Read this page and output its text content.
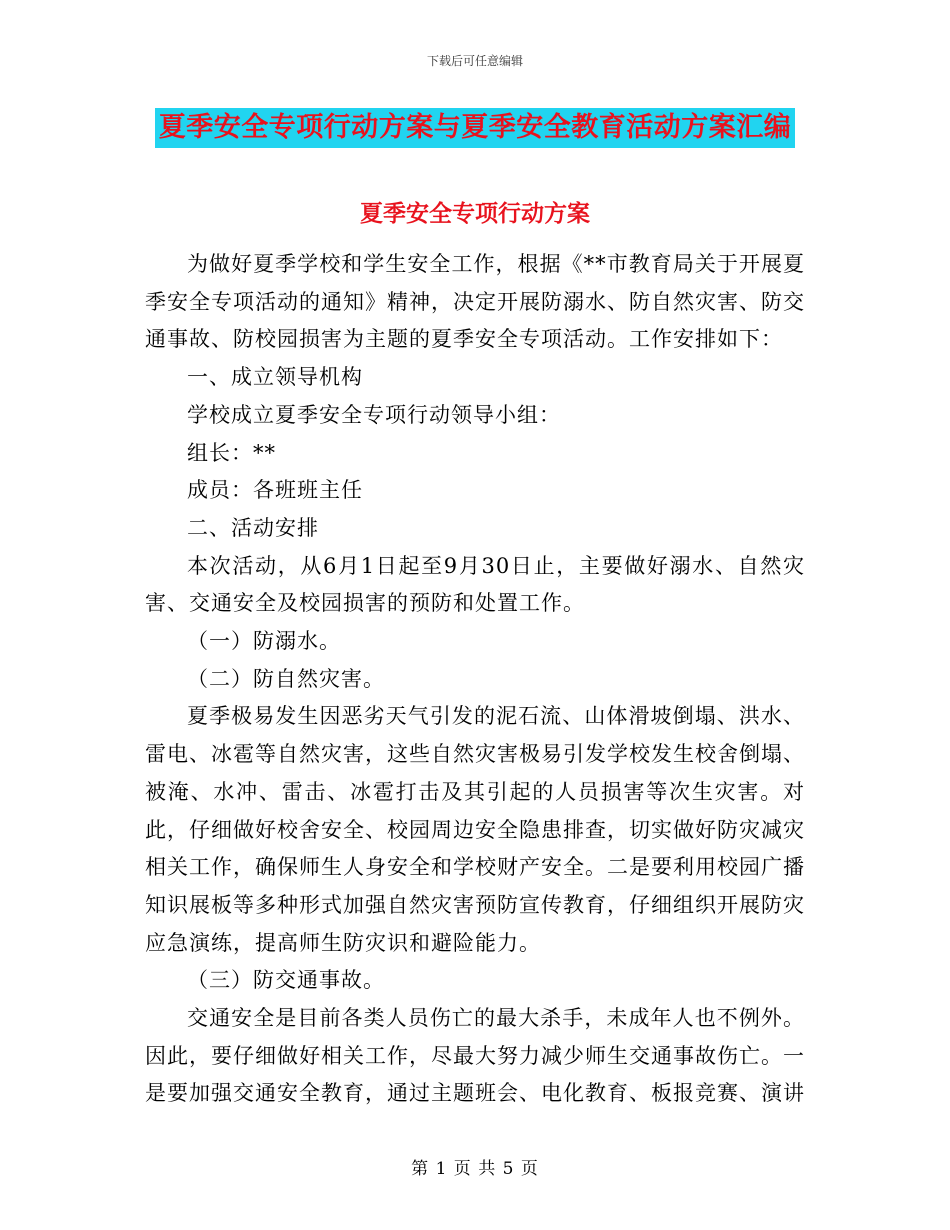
下载后可任意编辑
夏季安全专项行动方案与夏季安全教育活动方案汇编
夏季安全专项行动方案

为做好夏季学校和学生安全工作，根据《**市教育局关于开展夏季安全专项活动的通知》精神，决定开展防溺水、防自然灾害、防交通事故、防校园损害为主题的夏季安全专项活动。工作安排如下：

一、成立领导机构

学校成立夏季安全专项行动领导小组：

组长：**

成员：各班班主任

二、活动安排

本次活动，从6月1日起至9月30日止，主要做好溺水、自然灾害、交通安全及校园损害的预防和处置工作。

（一）防溺水。

（二）防自然灾害。

夏季极易发生因恶劣天气引发的泥石流、山体滑坡倒塌、洪水、雷电、冰雹等自然灾害，这些自然灾害极易引发学校发生校舍倒塌、被淹、水冲、雷击、冰雹打击及其引起的人员损害等次生灾害。对此，仔细做好校舍安全、校园周边安全隐患排查，切实做好防灾减灾相关工作，确保师生人身安全和学校财产安全。二是要利用校园广播知识展板等多种形式加强自然灾害预防宣传教育，仔细组织开展防灾应急演练，提高师生防灾识和避险能力。

（三）防交通事故。

交通安全是目前各类人员伤亡的最大杀手，未成年人也不例外。因此，要仔细做好相关工作，尽最大努力减少师生交通事故伤亡。一是要加强交通安全教育，通过主题班会、电化教育、板报竞赛、演讲

第 1 页 共 5 页
